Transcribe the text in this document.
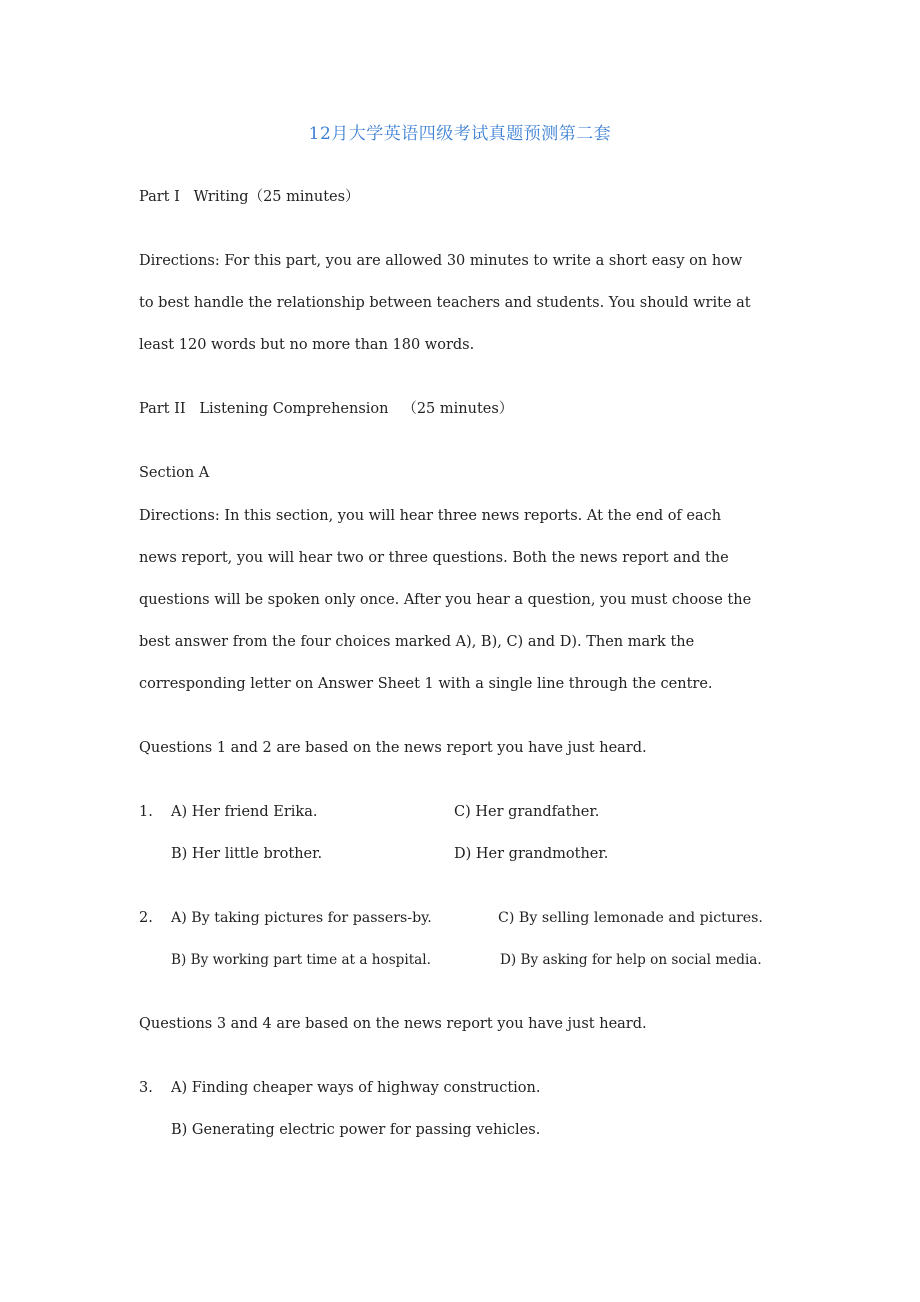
12月大学英语四级考试真题预测第二套
Part I   Writing（25 minutes）
Directions: For this part, you are allowed 30 minutes to write a short easy on how
to best handle the relationship between teachers and students. You should write at
least 120 words but no more than 180 words.
Part II   Listening Comprehension   （25 minutes）
Section A
Directions: In this section, you will hear three news reports. At the end of each
news report, you will hear two or three questions. Both the news report and the
questions will be spoken only once. After you hear a question, you must choose the
best answer from the four choices marked A), B), C) and D). Then mark the
corresponding letter on Answer Sheet 1 with a single line through the centre.
Questions 1 and 2 are based on the news report you have just heard.
1. A) Her friend Erika.	C) Her grandfather.
B) Her little brother.	D) Her grandmother.
2. A) By taking pictures for passers-by.	C) By selling lemonade and pictures.
B) By working part time at a hospital.	D) By asking for help on social media.
Questions 3 and 4 are based on the news report you have just heard.
3. A) Finding cheaper ways of highway construction.
B) Generating electric power for passing vehicles.
